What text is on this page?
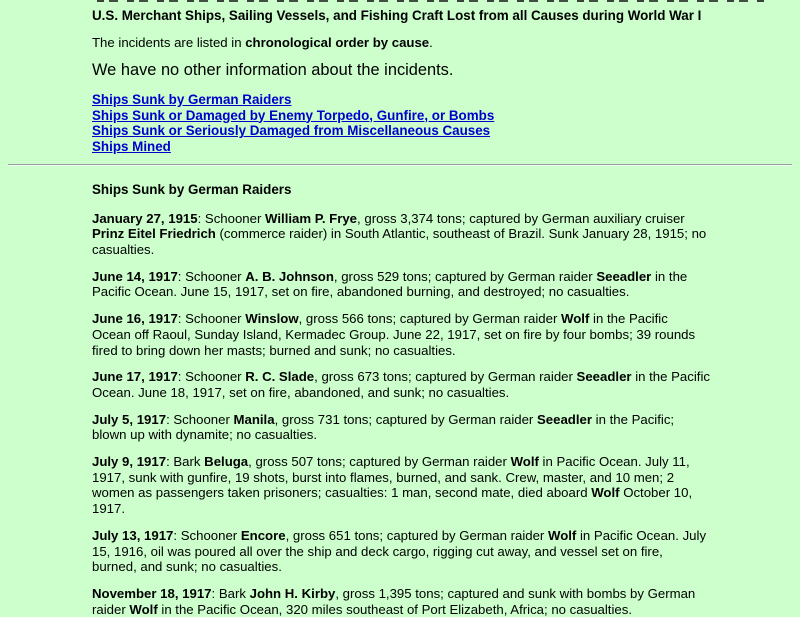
U.S. Merchant Ships, Sailing Vessels, and Fishing Craft Lost from all Causes during World War I

The incidents are listed in chronological order by cause.

We have no other information about the incidents.

Ships Sunk by German Raiders
Ships Sunk or Damaged by Enemy Torpedo, Gunfire, or Bombs
Ships Sunk or Seriously Damaged from Miscellaneous Causes
Ships Mined

Ships Sunk by German Raiders

January 27, 1915: Schooner William P. Frye, gross 3,374 tons; captured by German auxiliary cruiser Prinz Eitel Friedrich (commerce raider) in South Atlantic, southeast of Brazil. Sunk January 28, 1915; no casualties.

June 14, 1917: Schooner A. B. Johnson, gross 529 tons; captured by German raider Seeadler in the Pacific Ocean. June 15, 1917, set on fire, abandoned burning, and destroyed; no casualties.

June 16, 1917: Schooner Winslow, gross 566 tons; captured by German raider Wolf in the Pacific Ocean off Raoul, Sunday Island, Kermadec Group. June 22, 1917, set on fire by four bombs; 39 rounds fired to bring down her masts; burned and sunk; no casualties.

June 17, 1917: Schooner R. C. Slade, gross 673 tons; captured by German raider Seeadler in the Pacific Ocean. June 18, 1917, set on fire, abandoned, and sunk; no casualties.

July 5, 1917: Schooner Manila, gross 731 tons; captured by German raider Seeadler in the Pacific; blown up with dynamite; no casualties.

July 9, 1917: Bark Beluga, gross 507 tons; captured by German raider Wolf in Pacific Ocean. July 11, 1917, sunk with gunfire, 19 shots, burst into flames, burned, and sank. Crew, master, and 10 men; 2 women as passengers taken prisoners; casualties: 1 man, second mate, died aboard Wolf October 10, 1917.

July 13, 1917: Schooner Encore, gross 651 tons; captured by German raider Wolf in Pacific Ocean. July 15, 1916, oil was poured all over the ship and deck cargo, rigging cut away, and vessel set on fire, burned, and sunk; no casualties.

November 18, 1917: Bark John H. Kirby, gross 1,395 tons; captured and sunk with bombs by German raider Wolf in the Pacific Ocean, 320 miles southeast of Port Elizabeth, Africa; no casualties.
